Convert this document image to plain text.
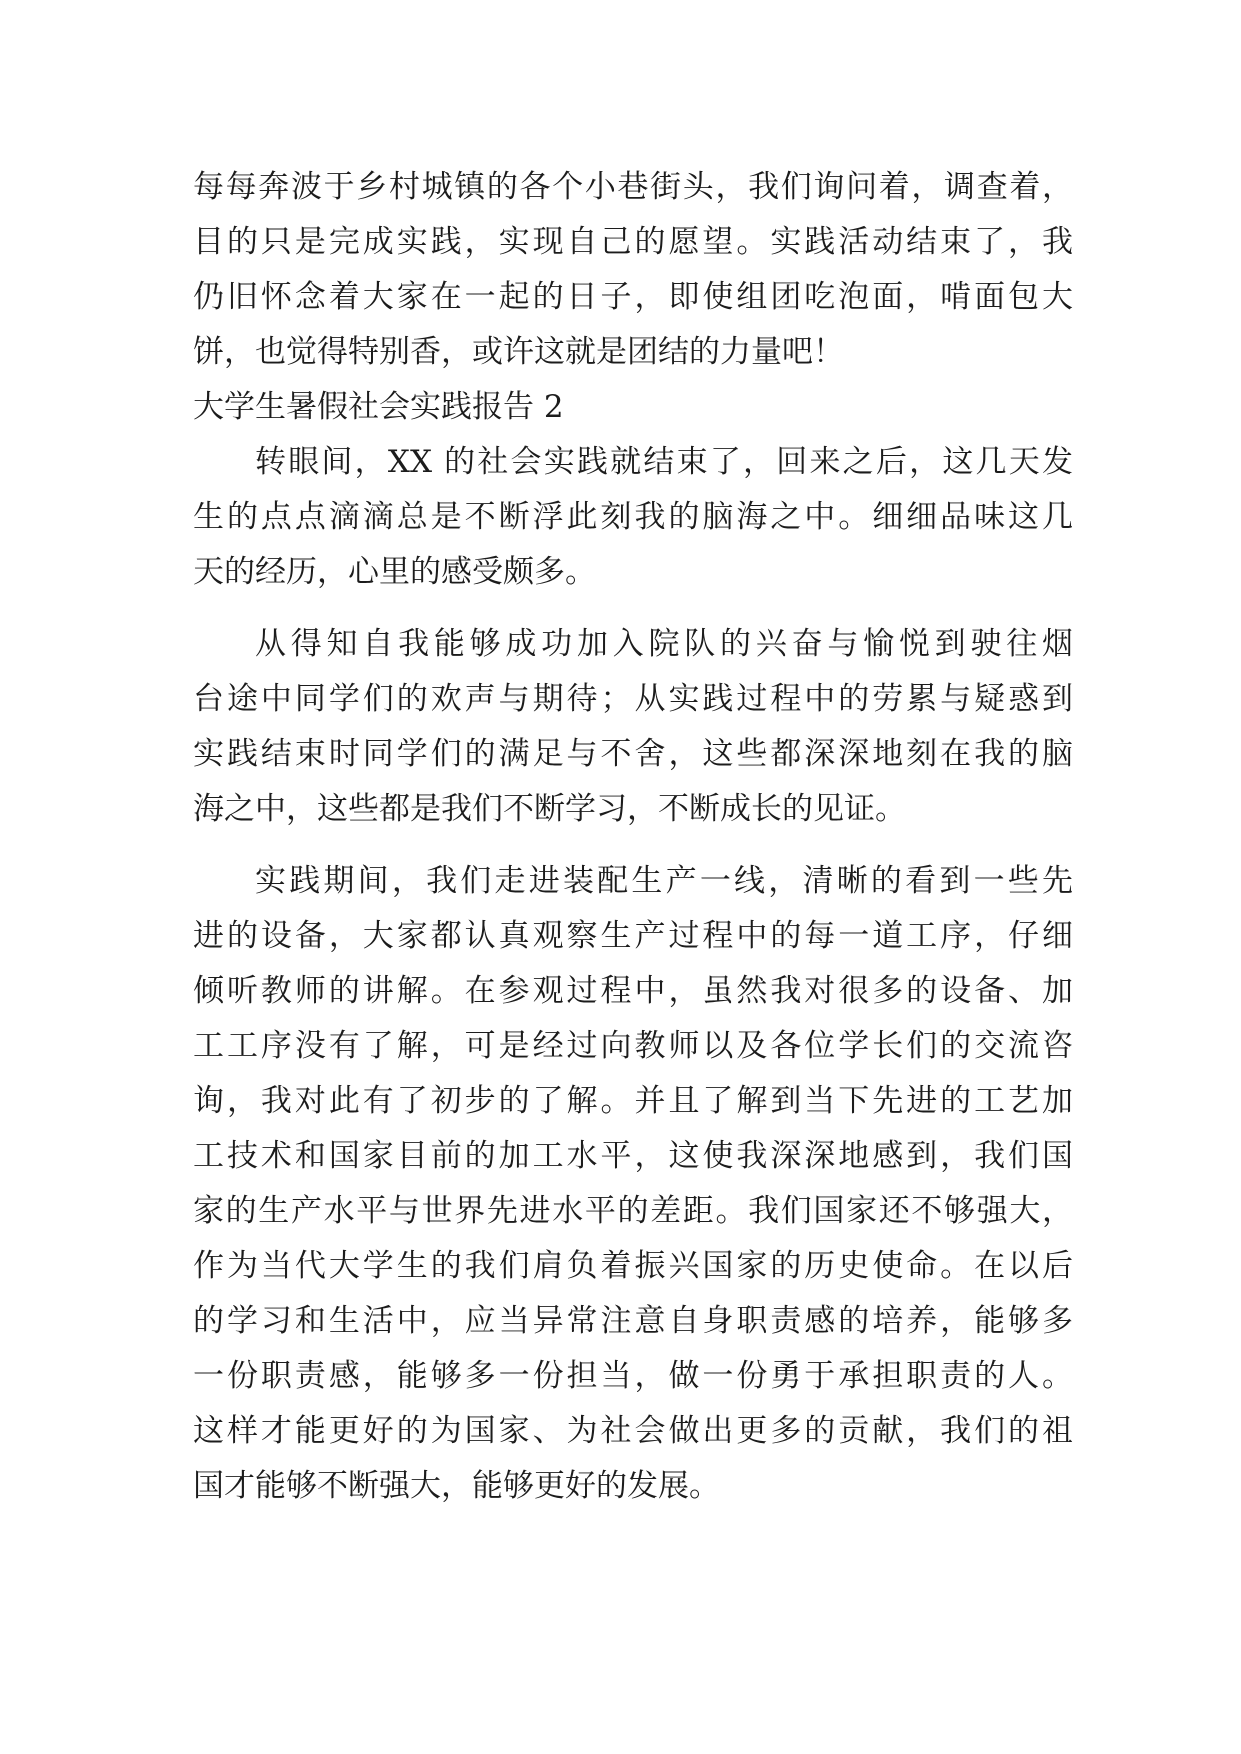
每每奔波于乡村城镇的各个小巷街头，我们询问着，调查着，
目的只是完成实践，实现自己的愿望。实践活动结束了，我
仍旧怀念着大家在一起的日子，即使组团吃泡面，啃面包大
饼，也觉得特别香，或许这就是团结的力量吧！
大学生暑假社会实践报告 2
转眼间，XX 的社会实践就结束了，回来之后，这几天发
生的点点滴滴总是不断浮此刻我的脑海之中。细细品味这几
天的经历，心里的感受颇多。
从得知自我能够成功加入院队的兴奋与愉悦到驶往烟
台途中同学们的欢声与期待；从实践过程中的劳累与疑惑到
实践结束时同学们的满足与不舍，这些都深深地刻在我的脑
海之中，这些都是我们不断学习，不断成长的见证。
实践期间，我们走进装配生产一线，清晰的看到一些先
进的设备，大家都认真观察生产过程中的每一道工序，仔细
倾听教师的讲解。在参观过程中，虽然我对很多的设备、加
工工序没有了解，可是经过向教师以及各位学长们的交流咨
询，我对此有了初步的了解。并且了解到当下先进的工艺加
工技术和国家目前的加工水平，这使我深深地感到，我们国
家的生产水平与世界先进水平的差距。我们国家还不够强大，
作为当代大学生的我们肩负着振兴国家的历史使命。在以后
的学习和生活中，应当异常注意自身职责感的培养，能够多
一份职责感，能够多一份担当，做一份勇于承担职责的人。
这样才能更好的为国家、为社会做出更多的贡献，我们的祖
国才能够不断强大，能够更好的发展。
